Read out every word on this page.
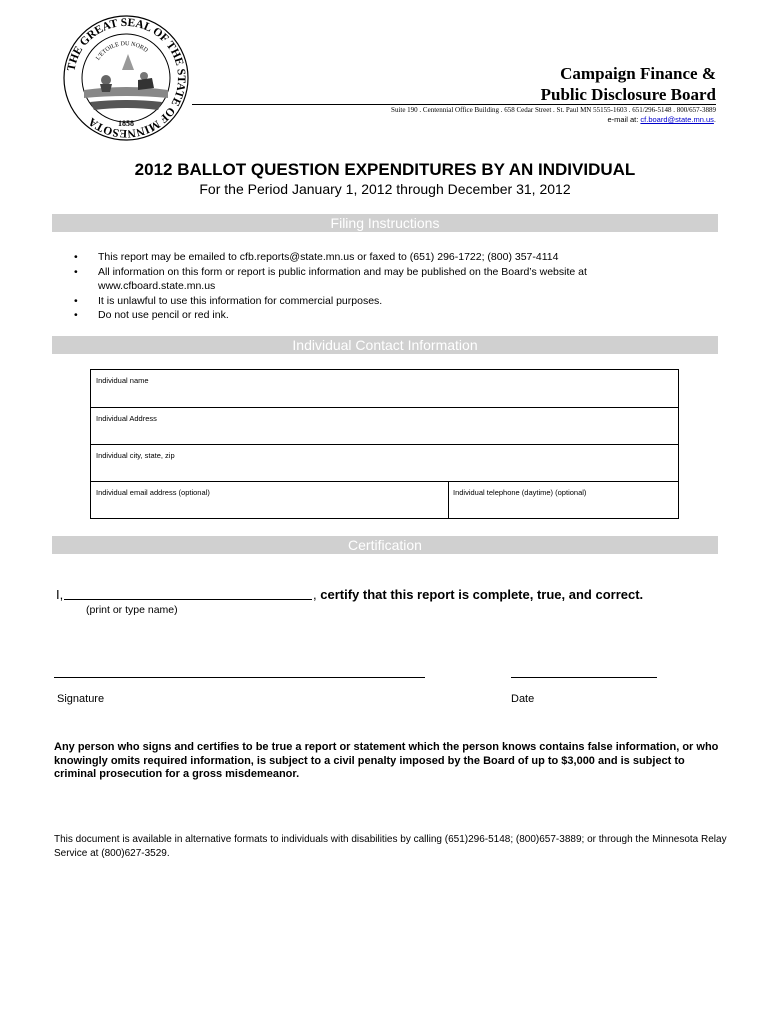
THE GREAT SEAL OF THE STATE OF MINNESOTA
L'ETOILE DU NORD
1858
Campaign Finance &
Public Disclosure Board
Suite 190 . Centennial Office Building . 658 Cedar Street . St. Paul MN 55155-1603 . 651/296-5148 . 800/657-3889
e-mail at: cf.board@state.mn.us.
2012 BALLOT QUESTION EXPENDITURES BY AN INDIVIDUAL
For the Period January 1, 2012 through December 31, 2012
Filing Instructions
• This report may be emailed to cfb.reports@state.mn.us or faxed to (651) 296-1722; (800) 357-4114
• All information on this form or report is public information and may be published on the Board’s website at www.cfboard.state.mn.us
• It is unlawful to use this information for commercial purposes.
• Do not use pencil or red ink.
Individual Contact Information
Individual name
Individual Address
Individual city, state, zip
Individual email address (optional)	Individual telephone (daytime) (optional)
Certification
I,	, certify that this report is complete, true, and correct.
(print or type name)
Signature	Date
Any person who signs and certifies to be true a report or statement which the person knows contains false information, or who knowingly omits required information, is subject to a civil penalty imposed by the Board of up to $3,000 and is subject to criminal prosecution for a gross misdemeanor.
This document is available in alternative formats to individuals with disabilities by calling (651)296-5148; (800)657-3889; or through the Minnesota Relay Service at (800)627-3529.
